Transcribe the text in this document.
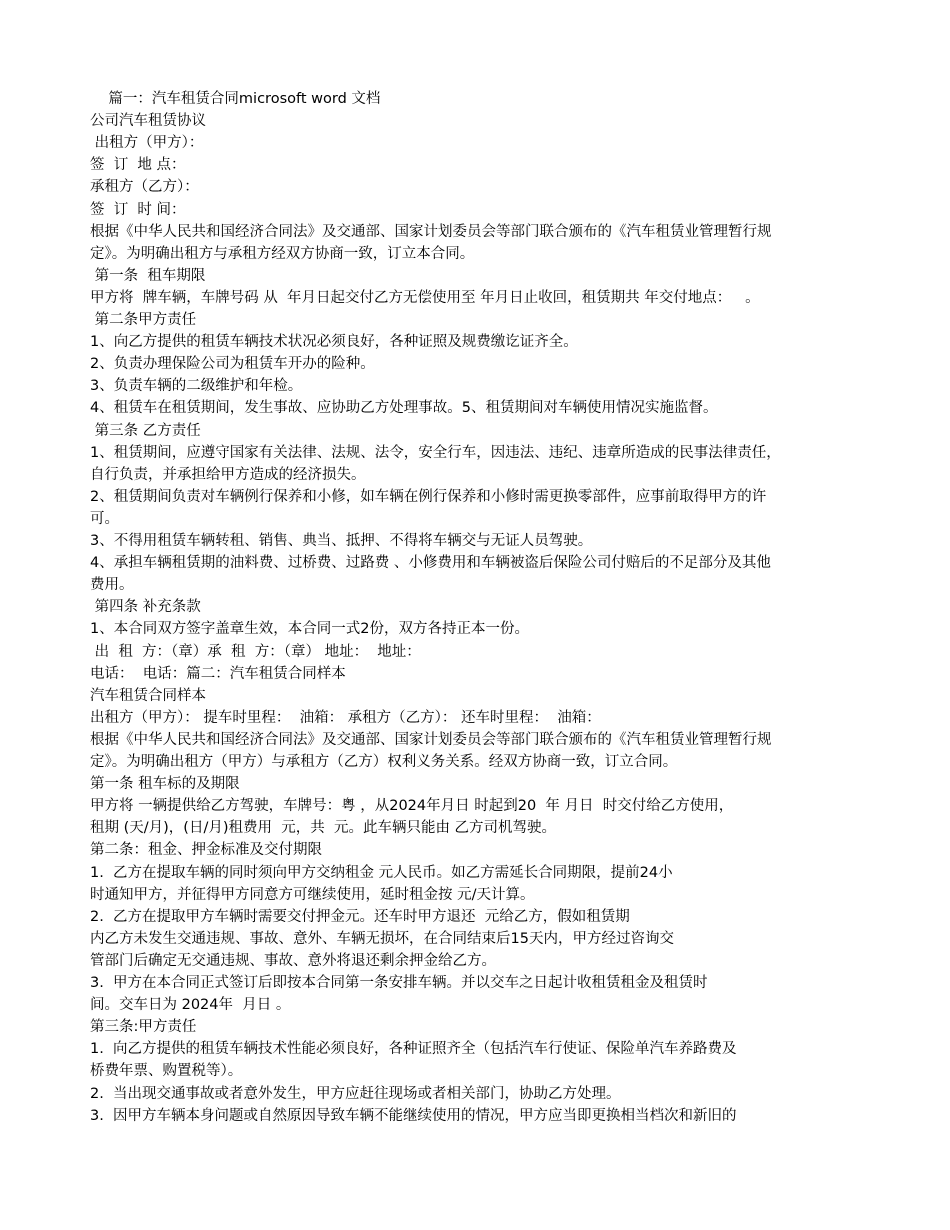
篇一：汽车租赁合同microsoft word 文档
公司汽车租赁协议
出租方（甲方）：
签  订  地 点：
承租方（乙方）：
签  订  时 间：
根据《中华人民共和国经济合同法》及交通部、国家计划委员会等部门联合颁布的《汽车租赁业管理暂行规
定》。为明确出租方与承租方经双方协商一致，订立本合同。
第一条  租车期限
甲方将  牌车辆，车牌号码 从  年月日起交付乙方无偿使用至 年月日止收回，租赁期共 年交付地点：   。
第二条甲方责任
1、向乙方提供的租赁车辆技术状况必须良好，各种证照及规费缴讫证齐全。
2、负责办理保险公司为租赁车开办的险种。
3、负责车辆的二级维护和年检。
4、租赁车在租赁期间，发生事故、应协助乙方处理事故。5、租赁期间对车辆使用情况实施监督。
第三条 乙方责任
1、租赁期间，应遵守国家有关法律、法规、法令，安全行车，因违法、违纪、违章所造成的民事法律责任，
自行负责，并承担给甲方造成的经济损失。
2、租赁期间负责对车辆例行保养和小修，如车辆在例行保养和小修时需更换零部件，应事前取得甲方的许
可。
3、不得用租赁车辆转租、销售、典当、抵押、不得将车辆交与无证人员驾驶。
4、承担车辆租赁期的油料费、过桥费、过路费 、小修费用和车辆被盗后保险公司付赔后的不足部分及其他
费用。
第四条 补充条款
1、本合同双方签字盖章生效，本合同一式2份，双方各持正本一份。
出  租  方：（章）承  租  方：（章） 地址：  地址：
电话：  电话：篇二：汽车租赁合同样本
汽车租赁合同样本
出租方（甲方）： 提车时里程：  油箱： 承租方（乙方）： 还车时里程：  油箱：
根据《中华人民共和国经济合同法》及交通部、国家计划委员会等部门联合颁布的《汽车租赁业管理暂行规
定》。为明确出租方（甲方）与承租方（乙方）权利义务关系。经双方协商一致，订立合同。
第一条 租车标的及期限
甲方将 一辆提供给乙方驾驶，车牌号：粤 ，从2024年月日 时起到20  年 月日  时交付给乙方使用，
租期 (天/月)，(日/月)租费用  元，共  元。此车辆只能由 乙方司机驾驶。
第二条：租金、押金标准及交付期限
1.  乙方在提取车辆的同时须向甲方交纳租金 元人民币。如乙方需延长合同期限，提前24小
时通知甲方，并征得甲方同意方可继续使用，延时租金按 元/天计算。
2.  乙方在提取甲方车辆时需要交付押金元。还车时甲方退还  元给乙方，假如租赁期
内乙方未发生交通违规、事故、意外、车辆无损坏，在合同结束后15天内，甲方经过咨询交
管部门后确定无交通违规、事故、意外将退还剩余押金给乙方。
3.  甲方在本合同正式签订后即按本合同第一条安排车辆。并以交车之日起计收租赁租金及租赁时
间。交车日为 2024年  月日 。
第三条:甲方责任
1.  向乙方提供的租赁车辆技术性能必须良好，各种证照齐全（包括汽车行使证、保险单汽车养路费及
桥费年票、购置税等）。
2.  当出现交通事故或者意外发生，甲方应赶往现场或者相关部门，协助乙方处理。
3.  因甲方车辆本身问题或自然原因导致车辆不能继续使用的情况，甲方应当即更换相当档次和新旧的
